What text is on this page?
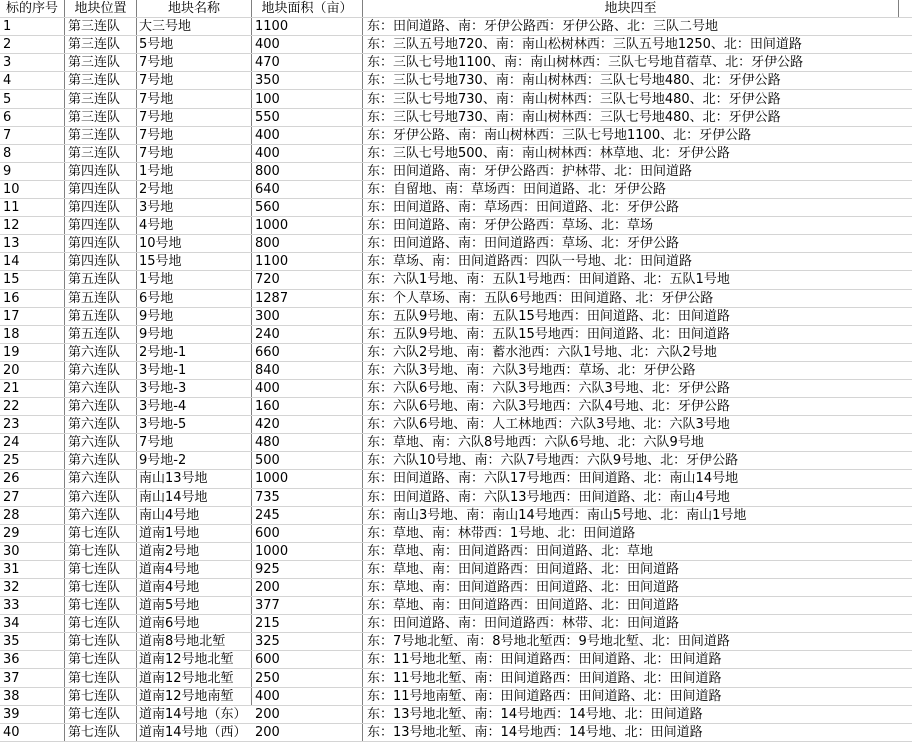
标的序号	地块位置	地块名称	地块面积（亩）	地块四至
1	第三连队	大三号地	1100	东：田间道路、南：牙伊公路西：牙伊公路、北：三队二号地
2	第三连队	5号地	400	东：三队五号地720、南：南山松树林西：三队五号地1250、北：田间道路
3	第三连队	7号地	470	东：三队七号地1100、南：南山树林西：三队七号地苜蓿草、北：牙伊公路
4	第三连队	7号地	350	东：三队七号地730、南：南山树林西：三队七号地480、北：牙伊公路
5	第三连队	7号地	100	东：三队七号地730、南：南山树林西：三队七号地480、北：牙伊公路
6	第三连队	7号地	550	东：三队七号地730、南：南山树林西：三队七号地480、北：牙伊公路
7	第三连队	7号地	400	东：牙伊公路、南：南山树林西：三队七号地1100、北：牙伊公路
8	第三连队	7号地	400	东：三队七号地500、南：南山树林西：林草地、北：牙伊公路
9	第四连队	1号地	800	东：田间道路、南：牙伊公路西：护林带、北：田间道路
10	第四连队	2号地	640	东：自留地、南：草场西：田间道路、北：牙伊公路
11	第四连队	3号地	560	东：田间道路、南：草场西：田间道路、北：牙伊公路
12	第四连队	4号地	1000	东：田间道路、南：牙伊公路西：草场、北：草场
13	第四连队	10号地	800	东：田间道路、南：田间道路西：草场、北：牙伊公路
14	第四连队	15号地	1100	东：草场、南：田间道路西：四队一号地、北：田间道路
15	第五连队	1号地	720	东：六队1号地、南：五队1号地西：田间道路、北：五队1号地
16	第五连队	6号地	1287	东：个人草场、南：五队6号地西：田间道路、北：牙伊公路
17	第五连队	9号地	300	东：五队9号地、南：五队15号地西：田间道路、北：田间道路
18	第五连队	9号地	240	东：五队9号地、南：五队15号地西：田间道路、北：田间道路
19	第六连队	2号地-1	660	东：六队2号地、南：蓄水池西：六队1号地、北：六队2号地
20	第六连队	3号地-1	840	东：六队3号地、南：六队3号地西：草场、北：牙伊公路
21	第六连队	3号地-3	400	东：六队6号地、南：六队3号地西：六队3号地、北：牙伊公路
22	第六连队	3号地-4	160	东：六队6号地、南：六队3号地西：六队4号地、北：牙伊公路
23	第六连队	3号地-5	420	东：六队6号地、南：人工林地西：六队3号地、北：六队3号地
24	第六连队	7号地	480	东：草地、南：六队8号地西：六队6号地、北：六队9号地
25	第六连队	9号地-2	500	东：六队10号地、南：六队7号地西：六队9号地、北：牙伊公路
26	第六连队	南山13号地	1000	东：田间道路、南：六队17号地西：田间道路、北：南山14号地
27	第六连队	南山14号地	735	东：田间道路、南：六队13号地西：田间道路、北：南山4号地
28	第六连队	南山4号地	245	东：南山3号地、南：南山14号地西：南山5号地、北：南山1号地
29	第七连队	道南1号地	600	东：草地、南：林带西：1号地、北：田间道路
30	第七连队	道南2号地	1000	东：草地、南：田间道路西：田间道路、北：草地
31	第七连队	道南4号地	925	东：草地、南：田间道路西：田间道路、北：田间道路
32	第七连队	道南4号地	200	东：草地、南：田间道路西：田间道路、北：田间道路
33	第七连队	道南5号地	377	东：草地、南：田间道路西：田间道路、北：田间道路
34	第七连队	道南6号地	215	东：田间道路、南：田间道路西：林带、北：田间道路
35	第七连队	道南8号地北堑	325	东：7号地北堑、南：8号地北堑西：9号地北堑、北：田间道路
36	第七连队	道南12号地北堑	600	东：11号地北堑、南：田间道路西：田间道路、北：田间道路
37	第七连队	道南12号地北堑	250	东：11号地北堑、南：田间道路西：田间道路、北：田间道路
38	第七连队	道南12号地南堑	400	东：11号地南堑、南：田间道路西：田间道路、北：田间道路
39	第七连队	道南14号地（东） 200	东：13号地北堑、南：14号地西：14号地、北：田间道路
40	第七连队	道南14号地（西） 200	东：13号地北堑、南：14号地西：14号地、北：田间道路
